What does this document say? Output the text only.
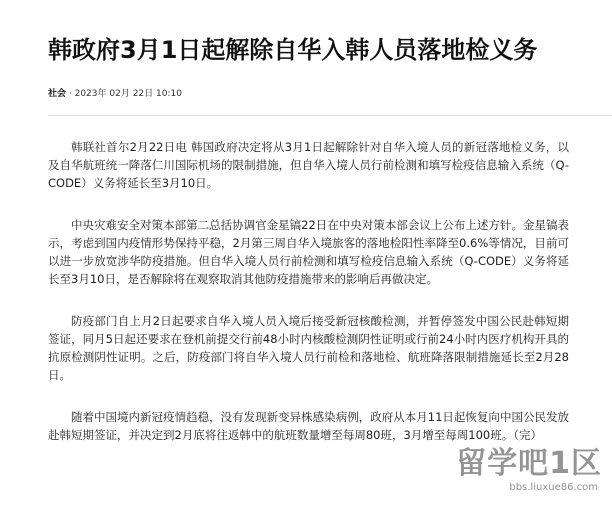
韩政府3月1日起解除自华入韩人员落地检义务
社会 · 2023年 02月 22日 10:10

韩联社首尔2月22日电 韩国政府决定将从3月1日起解除针对自华入境人员的新冠落地检义务，以及自华航班统一降落仁川国际机场的限制措施，但自华入境人员行前检测和填写检疫信息输入系统（Q-CODE）义务将延长至3月10日。

中央灾难安全对策本部第二总括协调官金星镐22日在中央对策本部会议上公布上述方针。金星镐表示，考虑到国内疫情形势保持平稳，2月第三周自华入境旅客的落地检阳性率降至0.6%等情况，目前可以进一步放宽涉华防疫措施。但自华入境人员行前检测和填写检疫信息输入系统（Q-CODE）义务将延长至3月10日，是否解除将在观察取消其他防疫措施带来的影响后再做决定。

防疫部门自上月2日起要求自华入境人员入境后接受新冠核酸检测，并暂停签发中国公民赴韩短期签证，同月5日起还要求在登机前提交行前48小时内核酸检测阴性证明或行前24小时内医疗机构开具的抗原检测阴性证明。之后，防疫部门将自华入境人员行前检和落地检、航班降落限制措施延长至2月28日。

随着中国境内新冠疫情趋稳，没有发现新变异株感染病例，政府从本月11日起恢复向中国公民发放赴韩短期签证，并决定到2月底将往返韩中的航班数量增至每周80班，3月增至每周100班。（完）

留学吧1区
bbs.liuxue86.com
